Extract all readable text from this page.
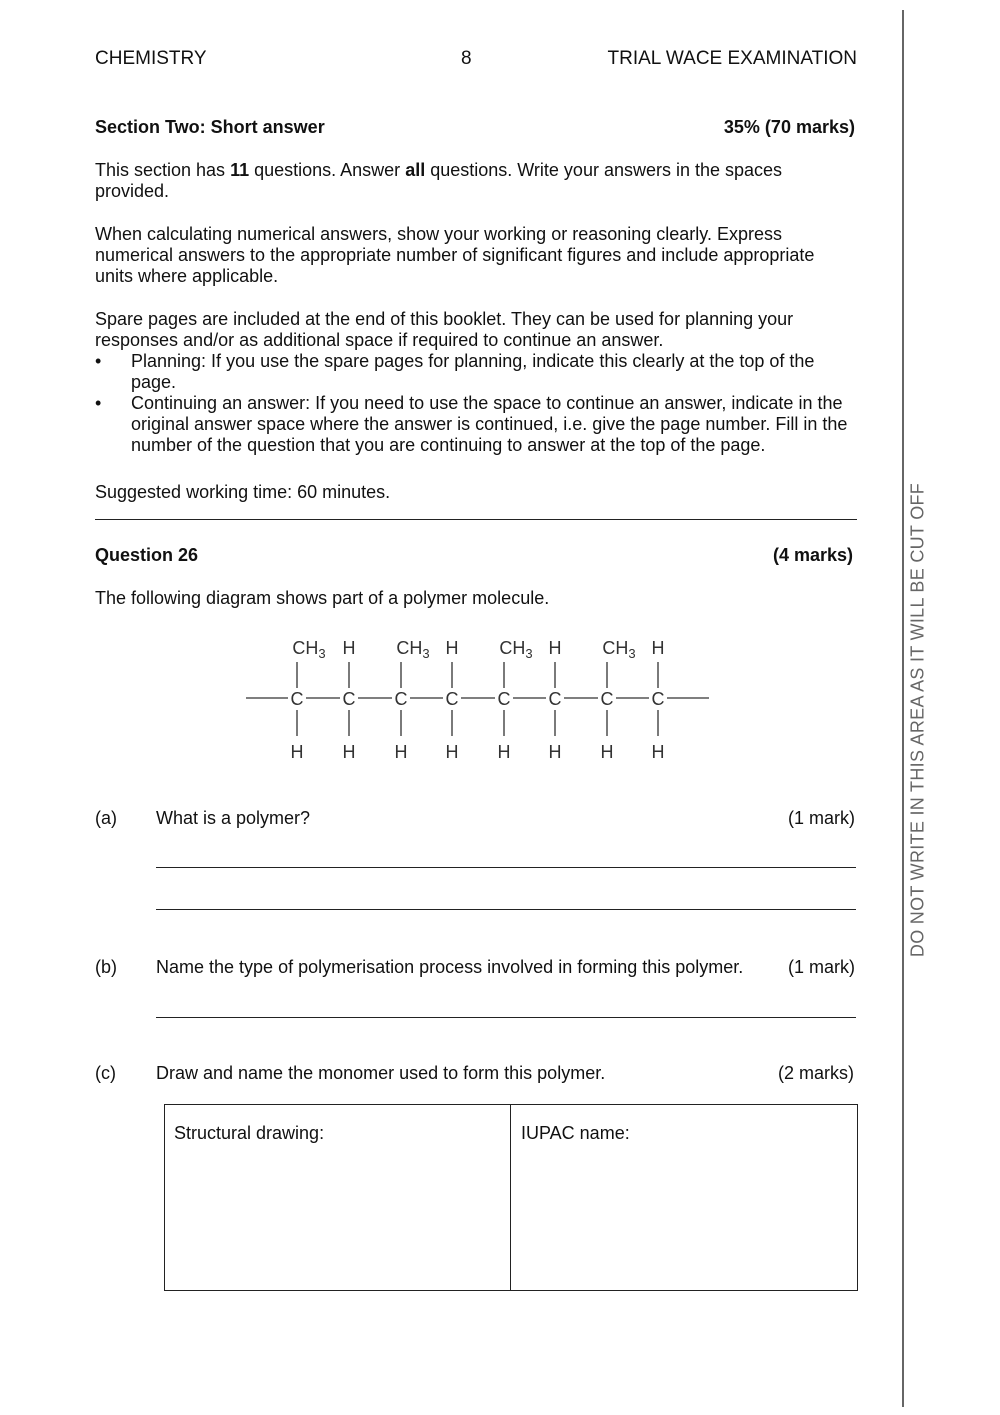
CHEMISTRY	8	TRIAL WACE EXAMINATION
Section Two: Short answer	35% (70 marks)
This section has 11 questions. Answer all questions. Write your answers in the spaces provided.
When calculating numerical answers, show your working or reasoning clearly. Express numerical answers to the appropriate number of significant figures and include appropriate units where applicable.
Spare pages are included at the end of this booklet. They can be used for planning your responses and/or as additional space if required to continue an answer.
•	Planning: If you use the spare pages for planning, indicate this clearly at the top of the page.
•	Continuing an answer: If you need to use the space to continue an answer, indicate in the original answer space where the answer is continued, i.e. give the page number. Fill in the number of the question that you are continuing to answer at the top of the page.
Suggested working time: 60 minutes.
Question 26	(4 marks)
The following diagram shows part of a polymer molecule.
$CH_3$ H $CH_3$ H $CH_3$ H $CH_3$ H
C C C C C C C C
H H H H H H H H
(a) What is a polymer?	(1 mark)
(b) Name the type of polymerisation process involved in forming this polymer. (1 mark)
(c) Draw and name the monomer used to form this polymer.	(2 marks)
Structural drawing:	IUPAC name:
DO NOT WRITE IN THIS AREA AS IT WILL BE CUT OFF
